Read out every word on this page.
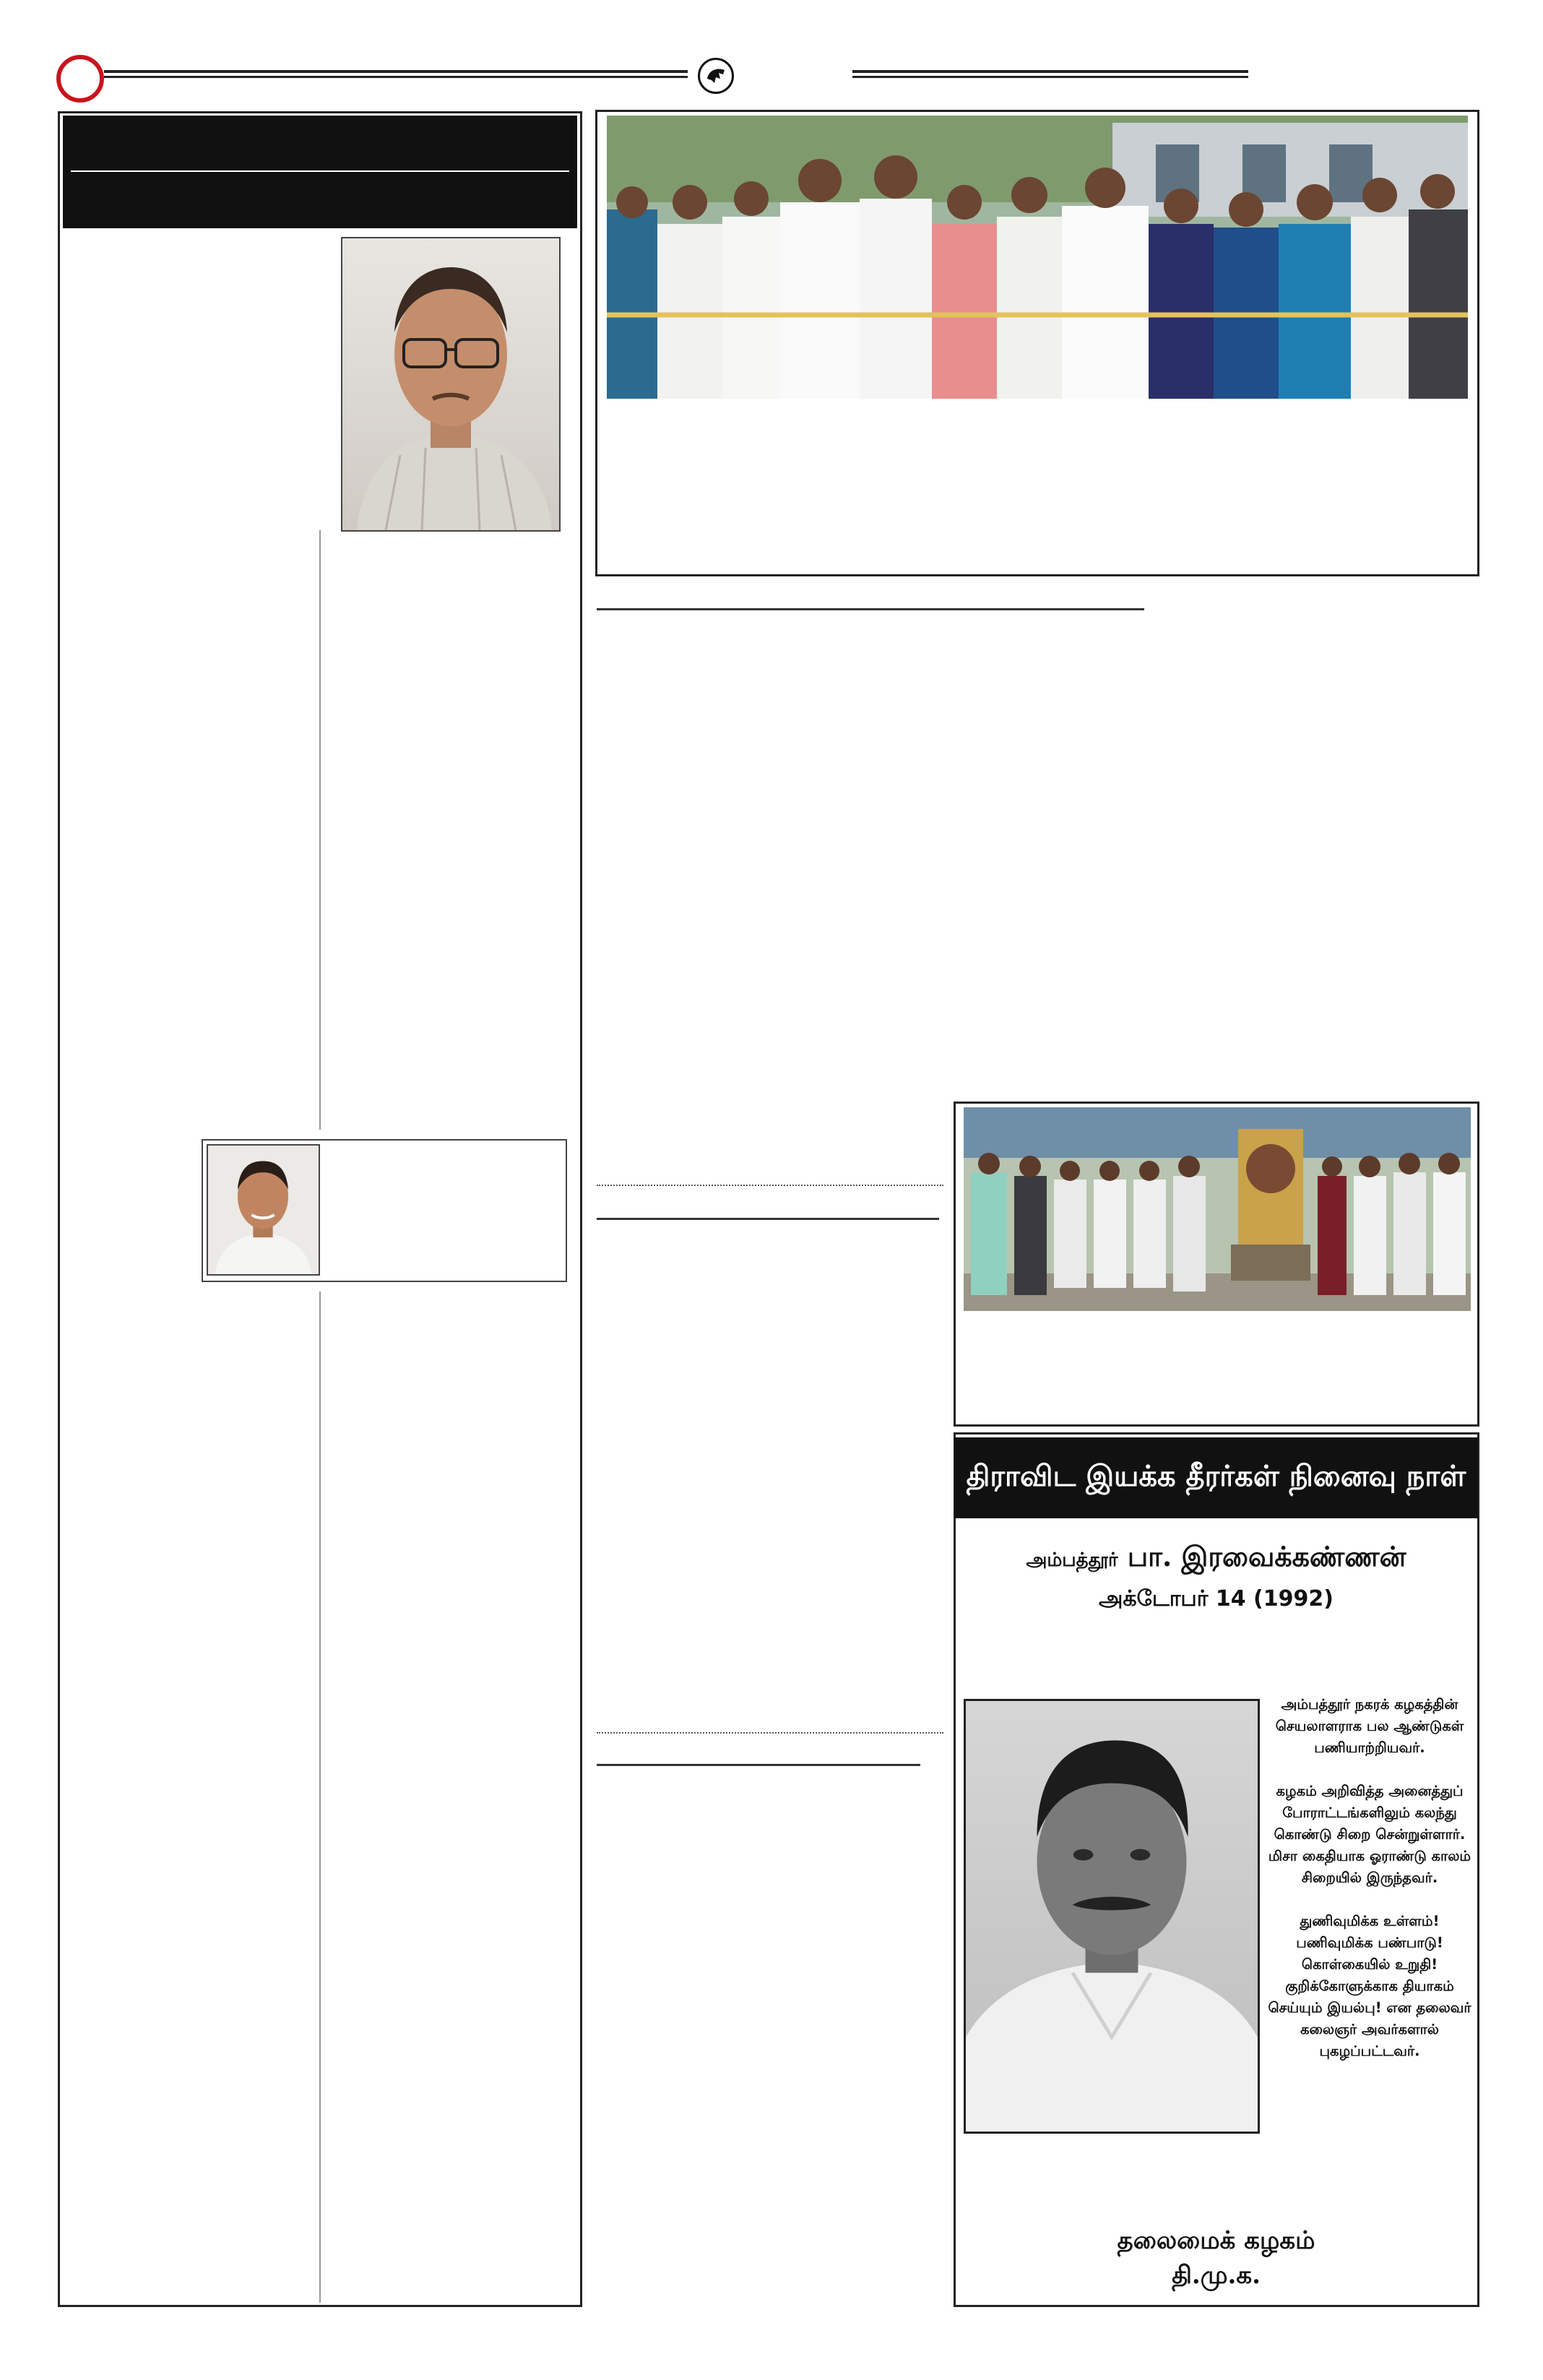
திராவிட இயக்க தீரர்கள் நினைவு நாள்
அம்பத்தூர் பா. இரவைக்கண்ணன்
அக்டோபர் 14 (1992)

அம்பத்தூர் நகரக் கழகத்தின் செயலாளராக பல ஆண்டுகள் பணியாற்றியவர்.

கழகம் அறிவித்த அனைத்துப் போராட்டங்களிலும் கலந்து கொண்டு சிறை சென்றுள்ளார். மிசா கைதியாக ஓராண்டு காலம் சிறையில் இருந்தவர்.

துணிவுமிக்க உள்ளம்! பணிவுமிக்க பண்பாடு! கொள்கையில் உறுதி! குறிக்கோளுக்காக தியாகம் செய்யும் இயல்பு! என தலைவர் கலைஞர் அவர்களால் புகழப்பட்டவர்.

தலைமைக் கழகம்
தி.மு.க.
